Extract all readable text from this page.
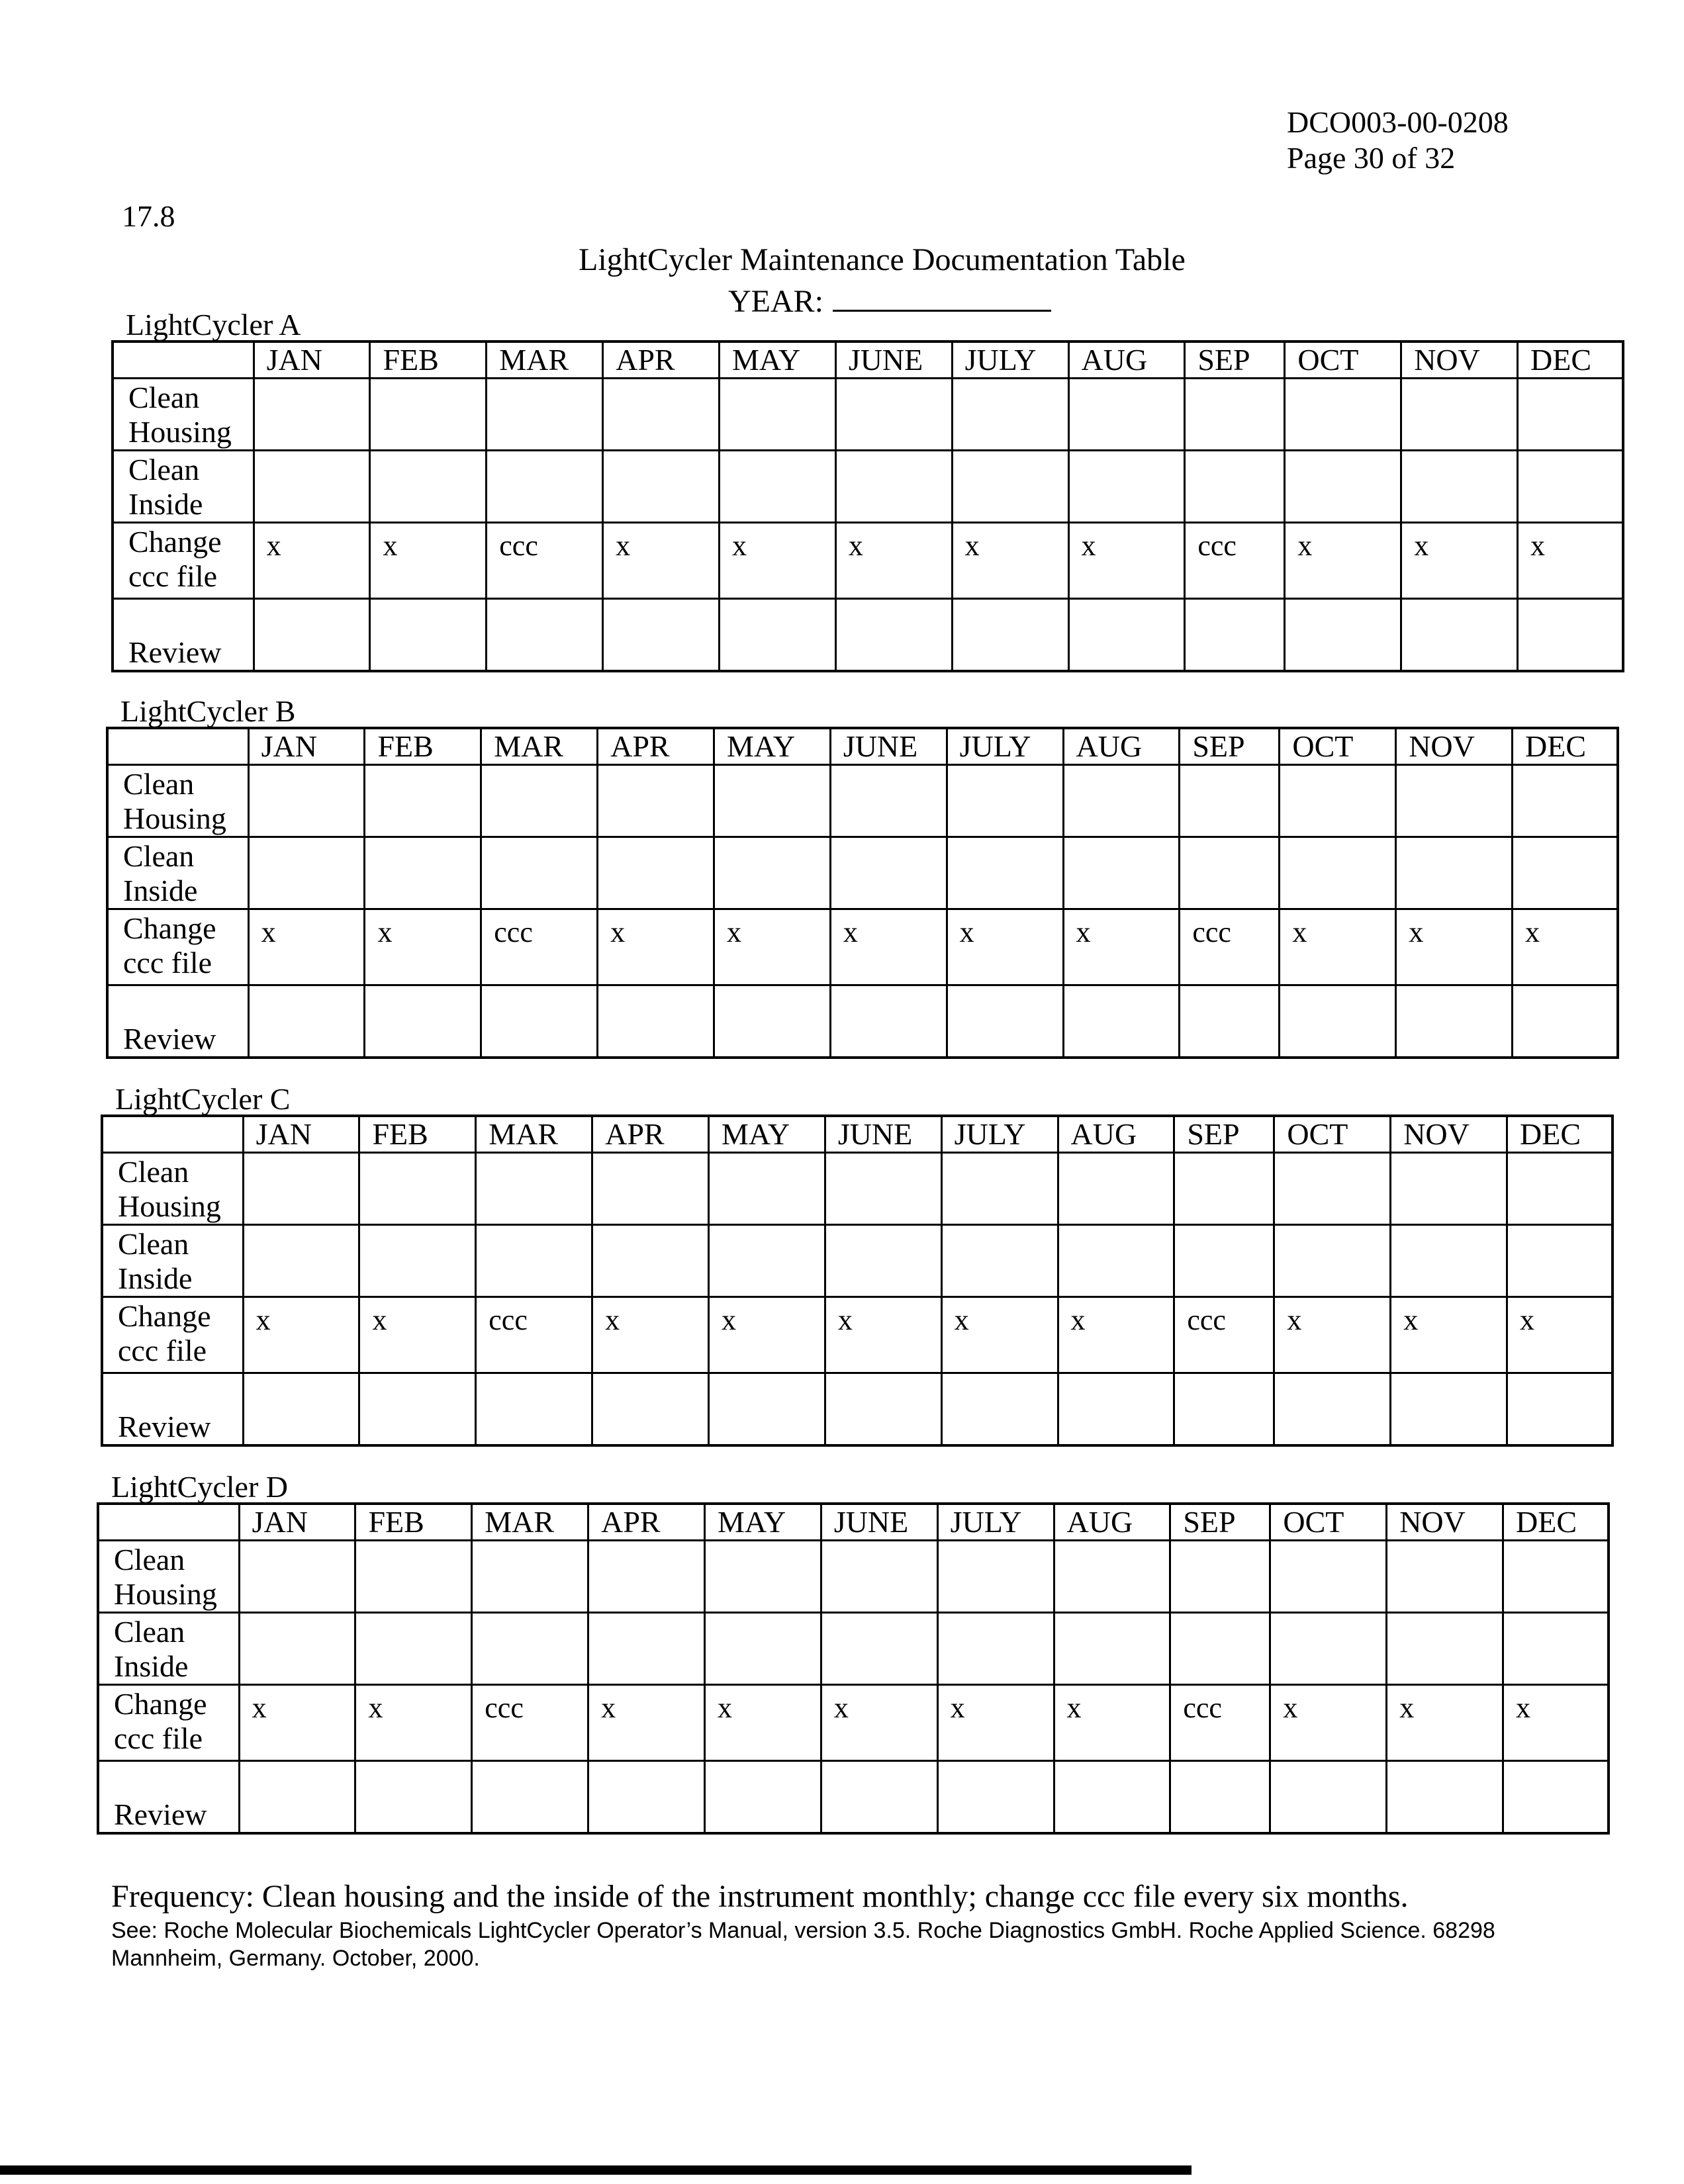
DCO003-00-0208
Page 30 of 32
17.8
LightCycler Maintenance Documentation Table
YEAR:
LightCycler A
	JAN	FEB	MAR	APR	MAY	JUNE	JULY	AUG	SEP	OCT	NOV	DEC

Clean
Housing												

Clean
Inside												

Change
ccc file	x	x	ccc	x	x	x	x	x	ccc	x	x	x

Review												

LightCycler B
	JAN	FEB	MAR	APR	MAY	JUNE	JULY	AUG	SEP	OCT	NOV	DEC

Clean
Housing												

Clean
Inside												

Change
ccc file	x	x	ccc	x	x	x	x	x	ccc	x	x	x

Review												

LightCycler C
	JAN	FEB	MAR	APR	MAY	JUNE	JULY	AUG	SEP	OCT	NOV	DEC

Clean
Housing												

Clean
Inside												

Change
ccc file	x	x	ccc	x	x	x	x	x	ccc	x	x	x

Review												

LightCycler D
	JAN	FEB	MAR	APR	MAY	JUNE	JULY	AUG	SEP	OCT	NOV	DEC

Clean
Housing												

Clean
Inside												

Change
ccc file	x	x	ccc	x	x	x	x	x	ccc	x	x	x

Review												

Frequency: Clean housing and the inside of the instrument monthly; change ccc file every six months.
See: Roche Molecular Biochemicals LightCycler Operator’s Manual, version 3.5. Roche Diagnostics GmbH. Roche Applied Science. 68298 Mannheim, Germany. October, 2000.
